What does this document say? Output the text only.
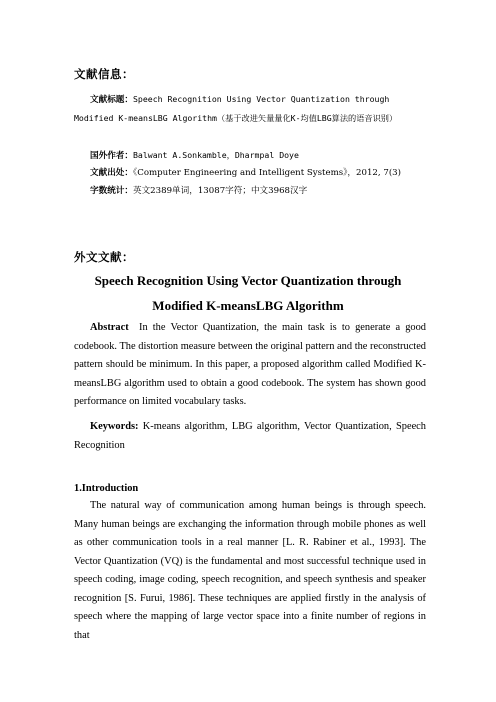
文献信息：
文献标题：Speech Recognition Using Vector Quantization through Modified K-meansLBG Algorithm（基于改进矢量量化K-均值LBG算法的语音识别）
国外作者：Balwant A.Sonkamble，Dharmpal Doye
文献出处：《Computer Engineering and Intelligent Systems》，2012, 7(3)
字数统计：英文2389单词，13087字符；中文3968汉字
外文文献：
Speech Recognition Using Vector Quantization through
Modified K-meansLBG Algorithm
Abstract In the Vector Quantization, the main task is to generate a good codebook. The distortion measure between the original pattern and the reconstructed pattern should be minimum. In this paper, a proposed algorithm called Modified K-meansLBG algorithm used to obtain a good codebook. The system has shown good performance on limited vocabulary tasks.
Keywords: K-means algorithm, LBG algorithm, Vector Quantization, Speech Recognition
1.Introduction
The natural way of communication among human beings is through speech. Many human beings are exchanging the information through mobile phones as well as other communication tools in a real manner [L. R. Rabiner et al., 1993]. The Vector Quantization (VQ) is the fundamental and most successful technique used in speech coding, image coding, speech recognition, and speech synthesis and speaker recognition [S. Furui, 1986]. These techniques are applied firstly in the analysis of speech where the mapping of large vector space into a finite number of regions in that
